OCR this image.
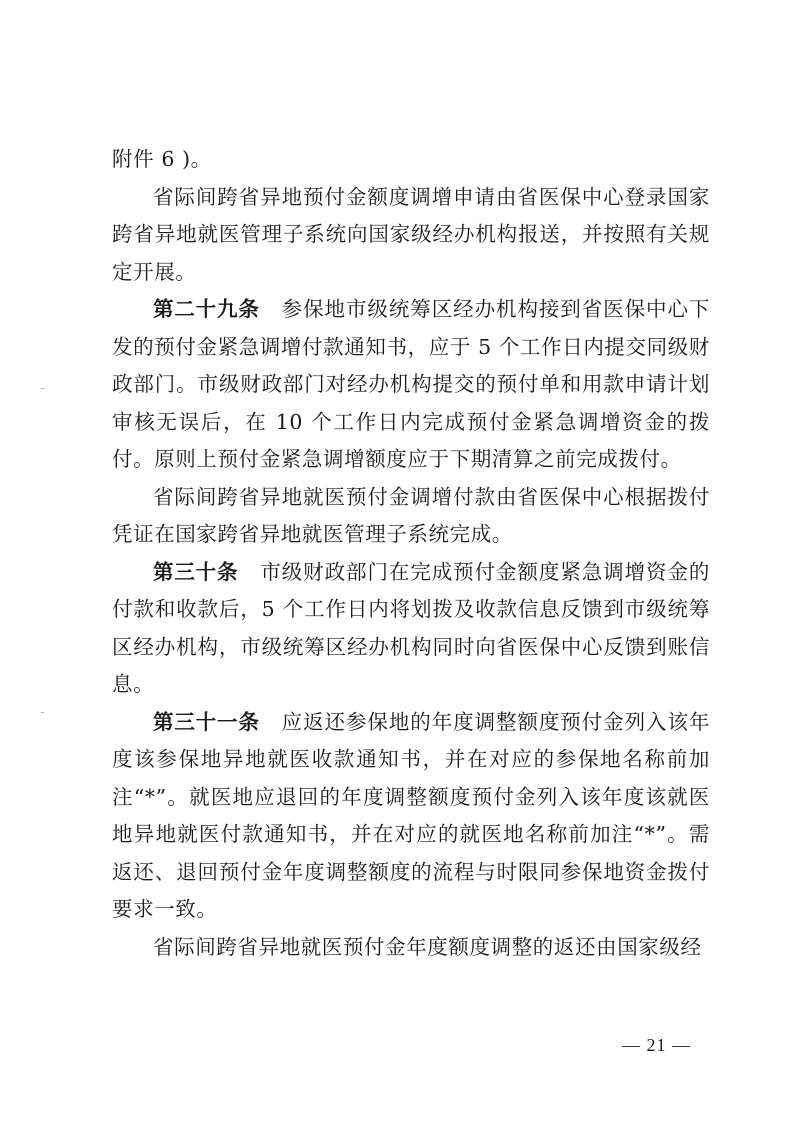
附件 6 )。

省际间跨省异地预付金额度调增申请由省医保中心登录国家跨省异地就医管理子系统向国家级经办机构报送，并按照有关规定开展。

第二十九条 参保地市级统筹区经办机构接到省医保中心下发的预付金紧急调增付款通知书，应于 5 个工作日内提交同级财政部门。市级财政部门对经办机构提交的预付单和用款申请计划审核无误后，在 10 个工作日内完成预付金紧急调增资金的拨付。原则上预付金紧急调增额度应于下期清算之前完成拨付。

省际间跨省异地就医预付金调增付款由省医保中心根据拨付凭证在国家跨省异地就医管理子系统完成。

第三十条 市级财政部门在完成预付金额度紧急调增资金的付款和收款后，5 个工作日内将划拨及收款信息反馈到市级统筹区经办机构，市级统筹区经办机构同时向省医保中心反馈到账信息。

第三十一条 应返还参保地的年度调整额度预付金列入该年度该参保地异地就医收款通知书，并在对应的参保地名称前加注“*”。就医地应退回的年度调整额度预付金列入该年度该就医地异地就医付款通知书，并在对应的就医地名称前加注“*”。需返还、退回预付金年度调整额度的流程与时限同参保地资金拨付要求一致。

省际间跨省异地就医预付金年度额度调整的返还由国家级经

— 21 —
